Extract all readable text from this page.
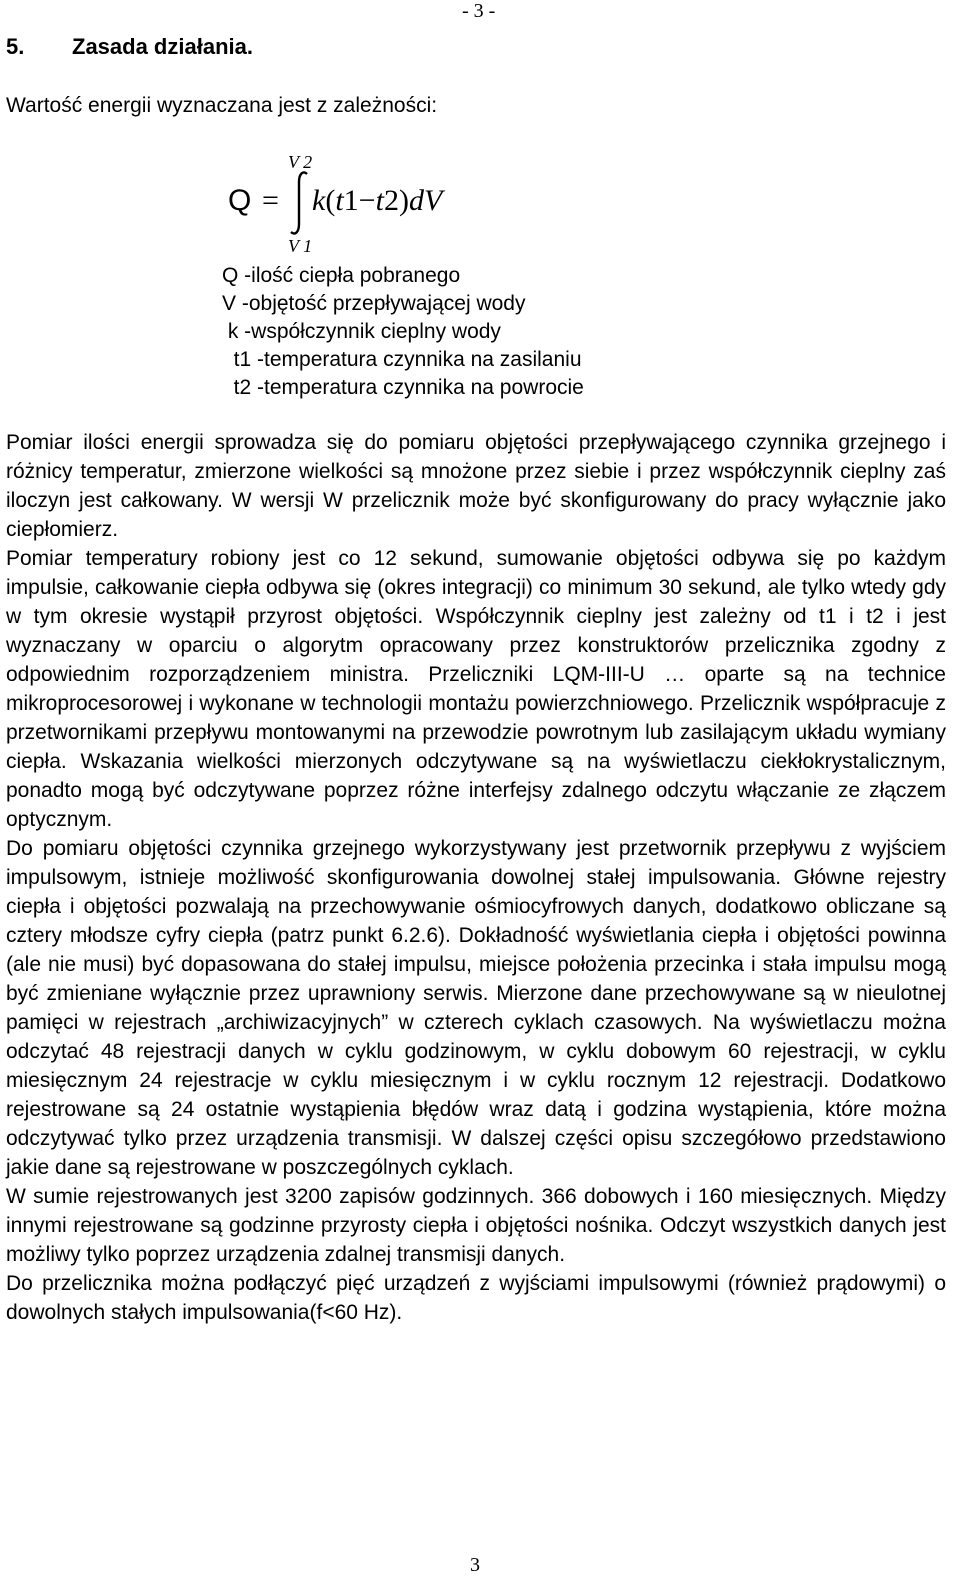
- 3 -
5. Zasada działania.
Wartość energii wyznaczana jest z zależności:
Q =
V 2
V 1
k(t1−t2)dV
Q -ilość ciepła pobranego
V -objętość przepływającej wody
k -współczynnik cieplny wody
t1 -temperatura czynnika na zasilaniu
t2 -temperatura czynnika na powrocie

Pomiar ilości energii sprowadza się do pomiaru objętości przepływającego czynnika grzejnego i różnicy temperatur, zmierzone wielkości są mnożone przez siebie i przez współczynnik cieplny zaś iloczyn jest całkowany. W wersji W przelicznik może być skonfigurowany do pracy wyłącznie jako ciepłomierz.

Pomiar temperatury robiony jest co 12 sekund, sumowanie objętości odbywa się po każdym impulsie, całkowanie ciepła odbywa się (okres integracji) co minimum 30 sekund, ale tylko wtedy gdy w tym okresie wystąpił przyrost objętości. Współczynnik cieplny jest zależny od t1 i t2 i jest wyznaczany w oparciu o algorytm opracowany przez konstruktorów przelicznika zgodny z odpowiednim rozporządzeniem ministra. Przeliczniki LQM-III-U … oparte są na technice mikroprocesorowej i wykonane w technologii montażu powierzchniowego. Przelicznik współpracuje z przetwornikami przepływu montowanymi na przewodzie powrotnym lub zasilającym układu wymiany ciepła. Wskazania wielkości mierzonych odczytywane są na wyświetlaczu ciekłokrystalicznym, ponadto mogą być odczytywane poprzez różne interfejsy zdalnego odczytu włączanie ze złączem optycznym.

Do pomiaru objętości czynnika grzejnego wykorzystywany jest przetwornik przepływu z wyjściem impulsowym, istnieje możliwość skonfigurowania dowolnej stałej impulsowania. Główne rejestry ciepła i objętości pozwalają na przechowywanie ośmiocyfrowych danych, dodatkowo obliczane są cztery młodsze cyfry ciepła (patrz punkt 6.2.6). Dokładność wyświetlania ciepła i objętości powinna (ale nie musi) być dopasowana do stałej impulsu, miejsce położenia przecinka i stała impulsu mogą być zmieniane wyłącznie przez uprawniony serwis. Mierzone dane przechowywane są w nieulotnej pamięci w rejestrach „archiwizacyjnych” w czterech cyklach czasowych. Na wyświetlaczu można odczytać 48 rejestracji danych w cyklu godzinowym, w cyklu dobowym 60 rejestracji, w cyklu miesięcznym 24 rejestracje w cyklu miesięcznym i w cyklu rocznym 12 rejestracji. Dodatkowo rejestrowane są 24 ostatnie wystąpienia błędów wraz datą i godzina wystąpienia, które można odczytywać tylko przez urządzenia transmisji. W dalszej części opisu szczegółowo przedstawiono jakie dane są rejestrowane w poszczególnych cyklach.

W sumie rejestrowanych jest 3200 zapisów godzinnych. 366 dobowych i 160 miesięcznych. Między innymi rejestrowane są godzinne przyrosty ciepła i objętości nośnika. Odczyt wszystkich danych jest możliwy tylko poprzez urządzenia zdalnej transmisji danych.

Do przelicznika można podłączyć pięć urządzeń z wyjściami impulsowymi (również prądowymi) o dowolnych stałych impulsowania(f<60 Hz).

3
